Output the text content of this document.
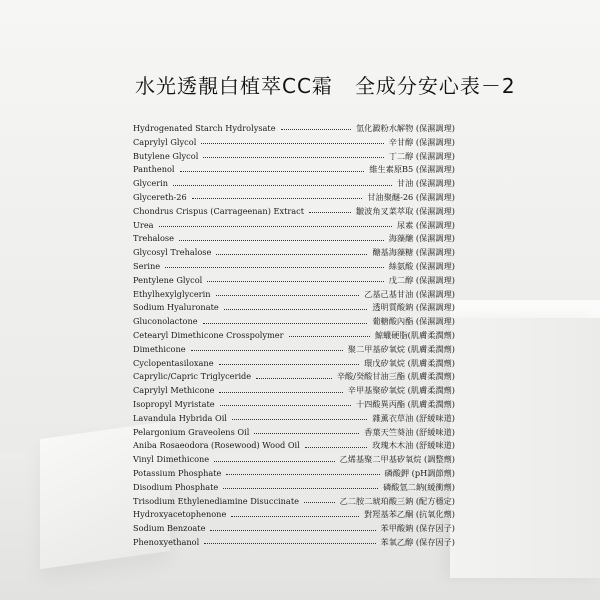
水光透靚白植萃CC霜 全成分安心表－2
Hydrogenated Starch Hydrolysate	氫化澱粉水解物 (保濕調理)
Caprylyl Glycol	辛甘醇 (保濕調理)
Butylene Glycol	丁二醇 (保濕調理)
Panthenol	維生素原B5 (保濕調理)
Glycerin	甘油 (保濕調理)
Glycereth-26	甘油聚醚-26 (保濕調理)
Chondrus Crispus (Carrageenan) Extract	皺波角叉菜萃取 (保濕調理)
Urea	尿素 (保濕調理)
Trehalose	海藻醣 (保濕調理)
Glycosyl Trehalose	醣基海藻糖 (保濕調理)
Serine	絲氨酸 (保濕調理)
Pentylene Glycol	戊二醇 (保濕調理)
Ethylhexylglycerin	乙基己基甘油 (保濕調理)
Sodium Hyaluronate	透明質酸鈉 (保濕調理)
Gluconolactone	葡糖酸內酯 (保濕調理)
Cetearyl Dimethicone Crosspolymer	鯨蠟硬脂(肌膚柔潤劑)
Dimethicone	聚二甲基矽氧烷 (肌膚柔潤劑)
Cyclopentasiloxane	環戊矽氧烷 (肌膚柔潤劑)
Caprylic/Capric Triglyceride	辛酸/癸酸甘油三酯 (肌膚柔潤劑)
Caprylyl Methicone	辛甲基聚矽氧烷 (肌膚柔潤劑)
Isopropyl Myristate	十四酸異丙酯 (肌膚柔潤劑)
Lavandula Hybrida Oil	雜薰衣草油 (舒緩味道)
Pelargonium Graveolens Oil	香葉天竺葵油 (舒緩味道)
Aniba Rosaeodora (Rosewood) Wood Oil	玫瑰木木油 (舒緩味道)
Vinyl Dimethicone	乙烯基聚二甲基矽氧烷 (調整劑)
Potassium Phosphate	磷酸鉀 (pH調節劑)
Disodium Phosphate	磷酸氫二鈉(緩衝劑)
Trisodium Ethylenediamine Disuccinate	乙二胺二琥珀酸三鈉 (配方穩定)
Hydroxyacetophenone	對羥基苯乙酮 (抗氧化劑)
Sodium Benzoate	苯甲酸鈉 (保存因子)
Phenoxyethanol	苯氧乙醇 (保存因子)
